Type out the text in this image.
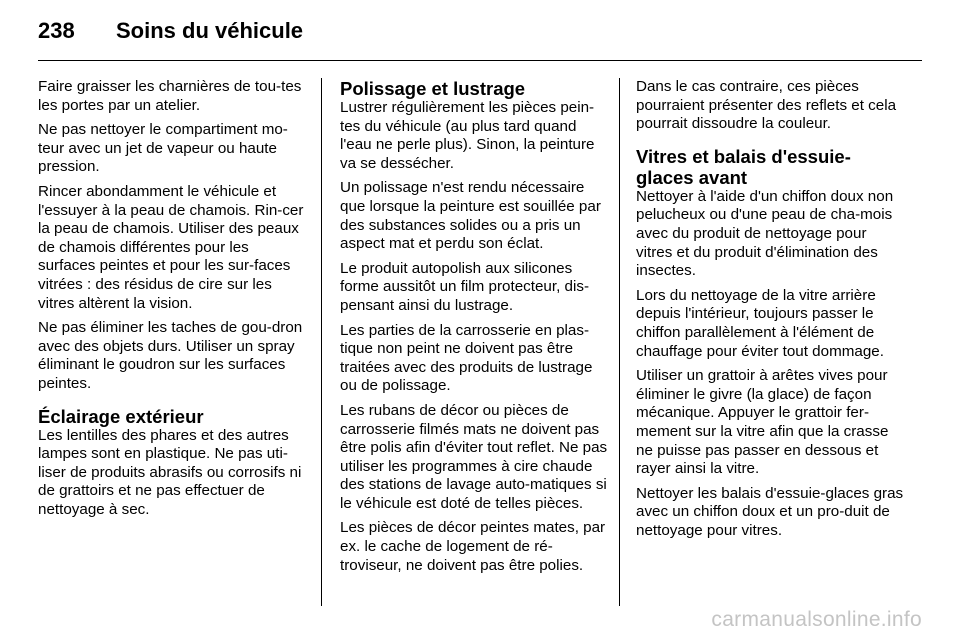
238	Soins du véhicule

Faire graisser les charnières de tou-tes les portes par un atelier.

Ne pas nettoyer le compartiment mo-teur avec un jet de vapeur ou haute pression.

Rincer abondamment le véhicule et l'essuyer à la peau de chamois. Rin-cer la peau de chamois. Utiliser des peaux de chamois différentes pour les surfaces peintes et pour les sur-faces vitrées : des résidus de cire sur les vitres altèrent la vision.

Ne pas éliminer les taches de gou-dron avec des objets durs. Utiliser un spray éliminant le goudron sur les surfaces peintes.

Éclairage extérieur

Les lentilles des phares et des autres lampes sont en plastique. Ne pas uti-liser de produits abrasifs ou corrosifs ni de grattoirs et ne pas effectuer de nettoyage à sec.

Polissage et lustrage

Lustrer régulièrement les pièces pein-tes du véhicule (au plus tard quand l'eau ne perle plus). Sinon, la peinture va se dessécher.

Un polissage n'est rendu nécessaire que lorsque la peinture est souillée par des substances solides ou a pris un aspect mat et perdu son éclat.

Le produit autopolish aux silicones forme aussitôt un film protecteur, dis-pensant ainsi du lustrage.

Les parties de la carrosserie en plas-tique non peint ne doivent pas être traitées avec des produits de lustrage ou de polissage.

Les rubans de décor ou pièces de carrosserie filmés mats ne doivent pas être polis afin d'éviter tout reflet. Ne pas utiliser les programmes à cire chaude des stations de lavage auto-matiques si le véhicule est doté de telles pièces.

Les pièces de décor peintes mates, par ex. le cache de logement de ré-troviseur, ne doivent pas être polies.

Dans le cas contraire, ces pièces pourraient présenter des reflets et cela pourrait dissoudre la couleur.

Vitres et balais d'essuie-glaces avant

Nettoyer à l'aide d'un chiffon doux non pelucheux ou d'une peau de cha-mois avec du produit de nettoyage pour vitres et du produit d'élimination des insectes.

Lors du nettoyage de la vitre arrière depuis l'intérieur, toujours passer le chiffon parallèlement à l'élément de chauffage pour éviter tout dommage.

Utiliser un grattoir à arêtes vives pour éliminer le givre (la glace) de façon mécanique. Appuyer le grattoir fer-mement sur la vitre afin que la crasse ne puisse pas passer en dessous et rayer ainsi la vitre.

Nettoyer les balais d'essuie-glaces gras avec un chiffon doux et un pro-duit de nettoyage pour vitres.

carmanualsonline.info
